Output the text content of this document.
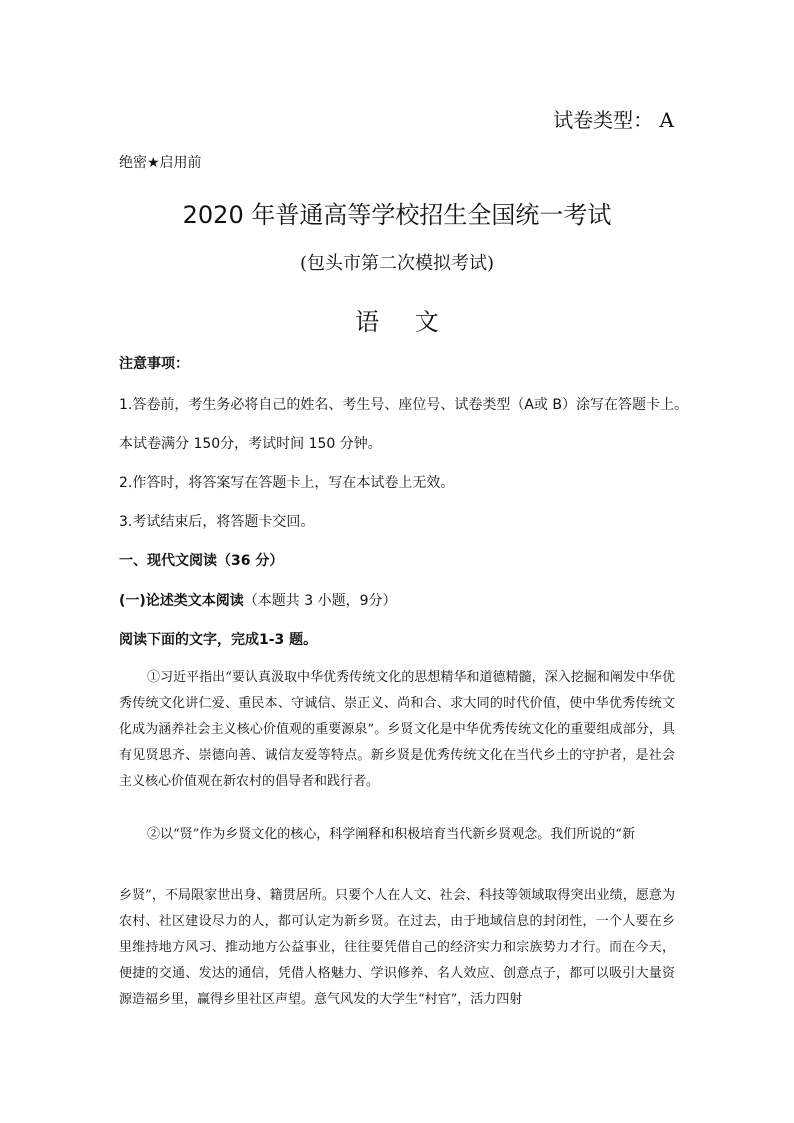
试卷类型： A
绝密★启用前
2020 年普通高等学校招生全国统一考试
(包头市第二次模拟考试)
语 文
注意事项：
1.答卷前，考生务必将自己的姓名、考生号、座位号、试卷类型（A或 B）涂写在答题卡上。
本试卷满分 150分，考试时间 150 分钟。
2.作答时，将答案写在答题卡上，写在本试卷上无效。
3.考试结束后，将答题卡交回。
一、现代文阅读（36 分）
(一)论述类文本阅读（本题共 3 小题，9分）
阅读下面的文字，完成1-3 题。

①习近平指出“要认真汲取中华优秀传统文化的思想精华和道德精髓，深入挖掘和阐发中华优秀传统文化讲仁爱、重民本、守诚信、崇正义、尚和合、求大同的时代价值，使中华优秀传统文化成为涵养社会主义核心价值观的重要源泉”。乡贤文化是中华优秀传统文化的重要组成部分，具有见贤思齐、崇德向善、诚信友爱等特点。新乡贤是优秀传统文化在当代乡土的守护者，是社会主义核心价值观在新农村的倡导者和践行者。

②以“贤”作为乡贤文化的核心，科学阐释和积极培育当代新乡贤观念。我们所说的“新

乡贤”，不局限家世出身、籍贯居所。只要个人在人文、社会、科技等领域取得突出业绩，愿意为农村、社区建设尽力的人，都可认定为新乡贤。在过去，由于地域信息的封闭性，一个人要在乡里维持地方风习、推动地方公益事业，往往要凭借自己的经济实力和宗族势力才行。而在今天，便捷的交通、发达的通信，凭借人格魅力、学识修养、名人效应、创意点子，都可以吸引大量资源造福乡里，赢得乡里社区声望。意气风发的大学生“村官”，活力四射
